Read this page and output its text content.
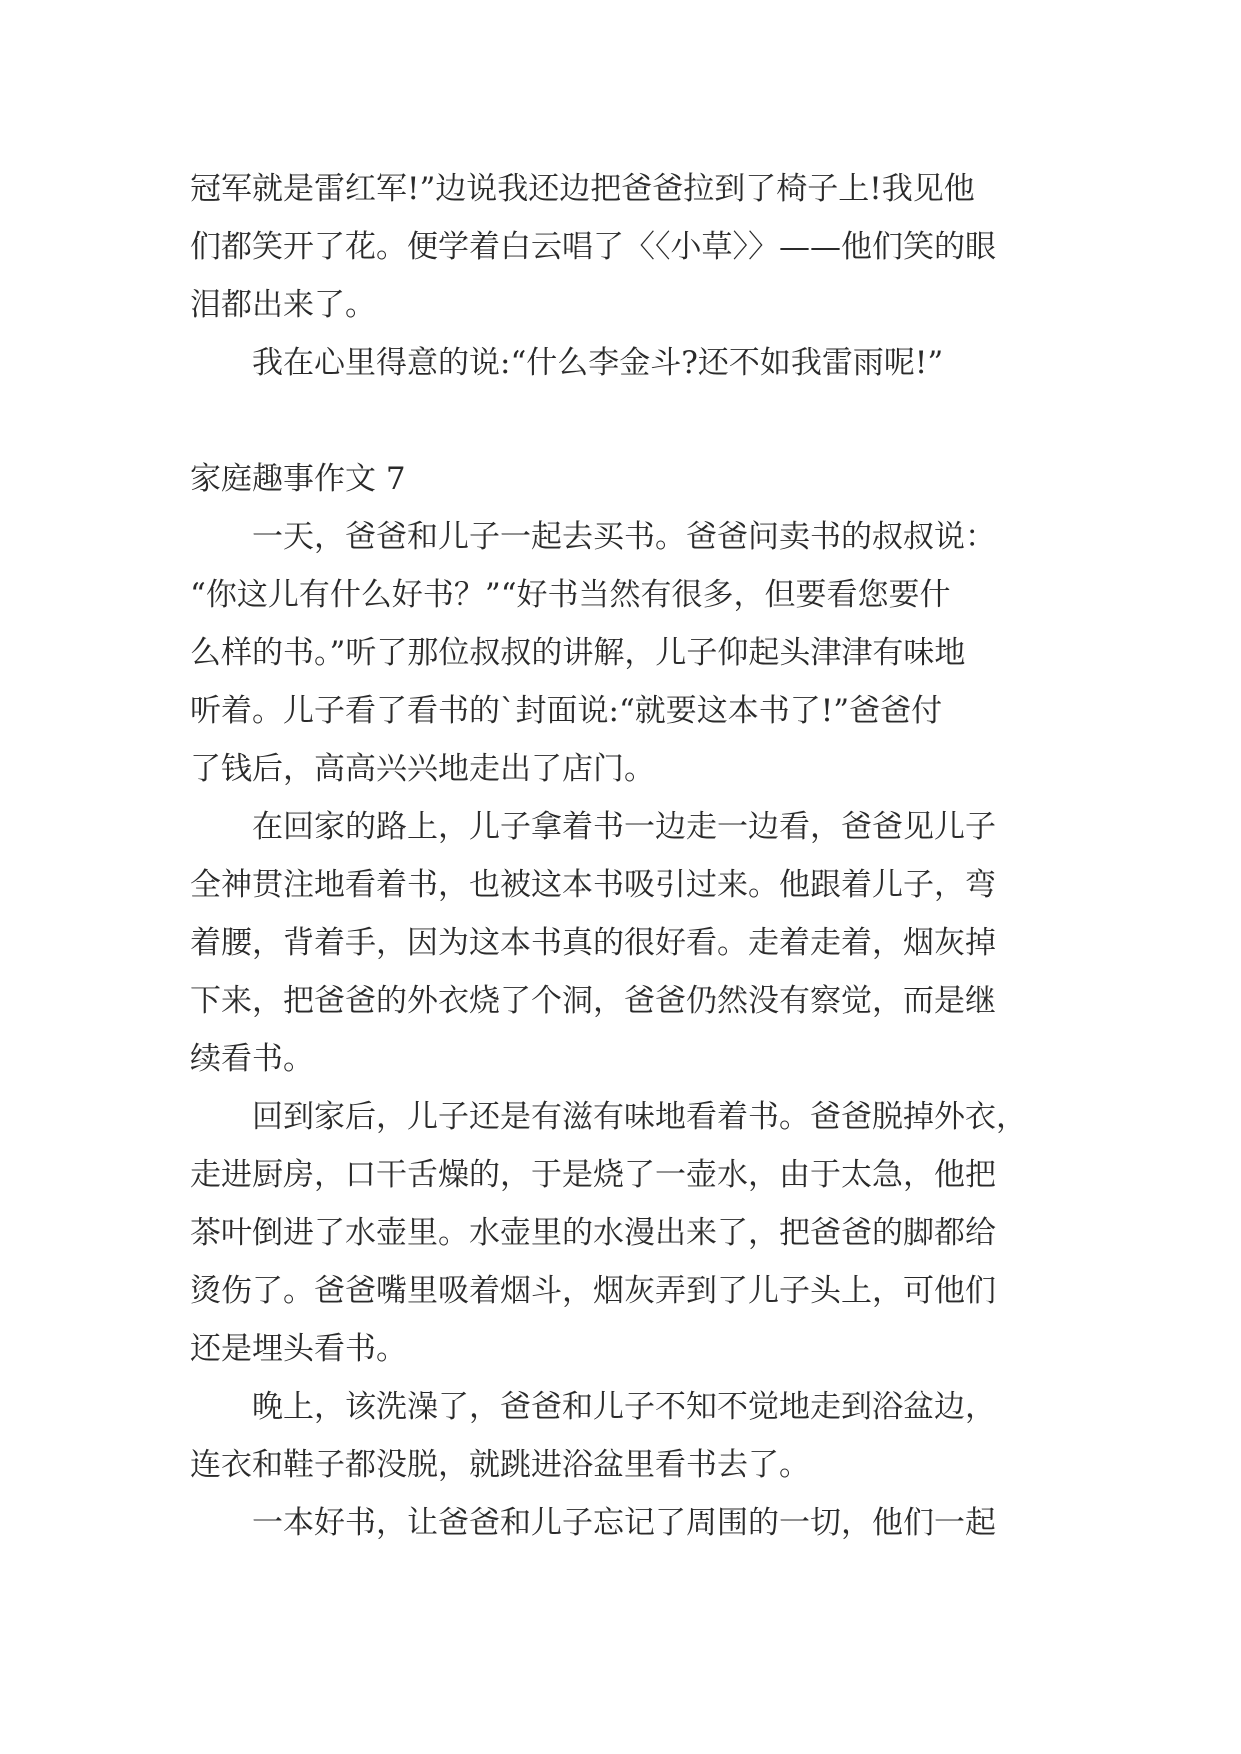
冠军就是雷红军!”边说我还边把爸爸拉到了椅子上!我见他
们都笑开了花。便学着白云唱了〈〈小草〉〉——他们笑的眼
泪都出来了。

我在心里得意的说:“什么李金斗?还不如我雷雨呢!”

家庭趣事作文 7

一天，爸爸和儿子一起去买书。爸爸问卖书的叔叔说：
“你这儿有什么好书？”“好书当然有很多，但要看您要什
么样的书。”听了那位叔叔的讲解，儿子仰起头津津有味地
听着。儿子看了看书的`封面说:“就要这本书了!”爸爸付
了钱后，高高兴兴地走出了店门。

在回家的路上，儿子拿着书一边走一边看，爸爸见儿子
全神贯注地看着书，也被这本书吸引过来。他跟着儿子，弯
着腰，背着手，因为这本书真的很好看。走着走着，烟灰掉
下来，把爸爸的外衣烧了个洞，爸爸仍然没有察觉，而是继
续看书。

回到家后，儿子还是有滋有味地看着书。爸爸脱掉外衣，
走进厨房，口干舌燥的，于是烧了一壶水，由于太急，他把
茶叶倒进了水壶里。水壶里的水漫出来了，把爸爸的脚都给
烫伤了。爸爸嘴里吸着烟斗，烟灰弄到了儿子头上，可他们
还是埋头看书。

晚上，该洗澡了，爸爸和儿子不知不觉地走到浴盆边，
连衣和鞋子都没脱，就跳进浴盆里看书去了。

一本好书，让爸爸和儿子忘记了周围的一切，他们一起
